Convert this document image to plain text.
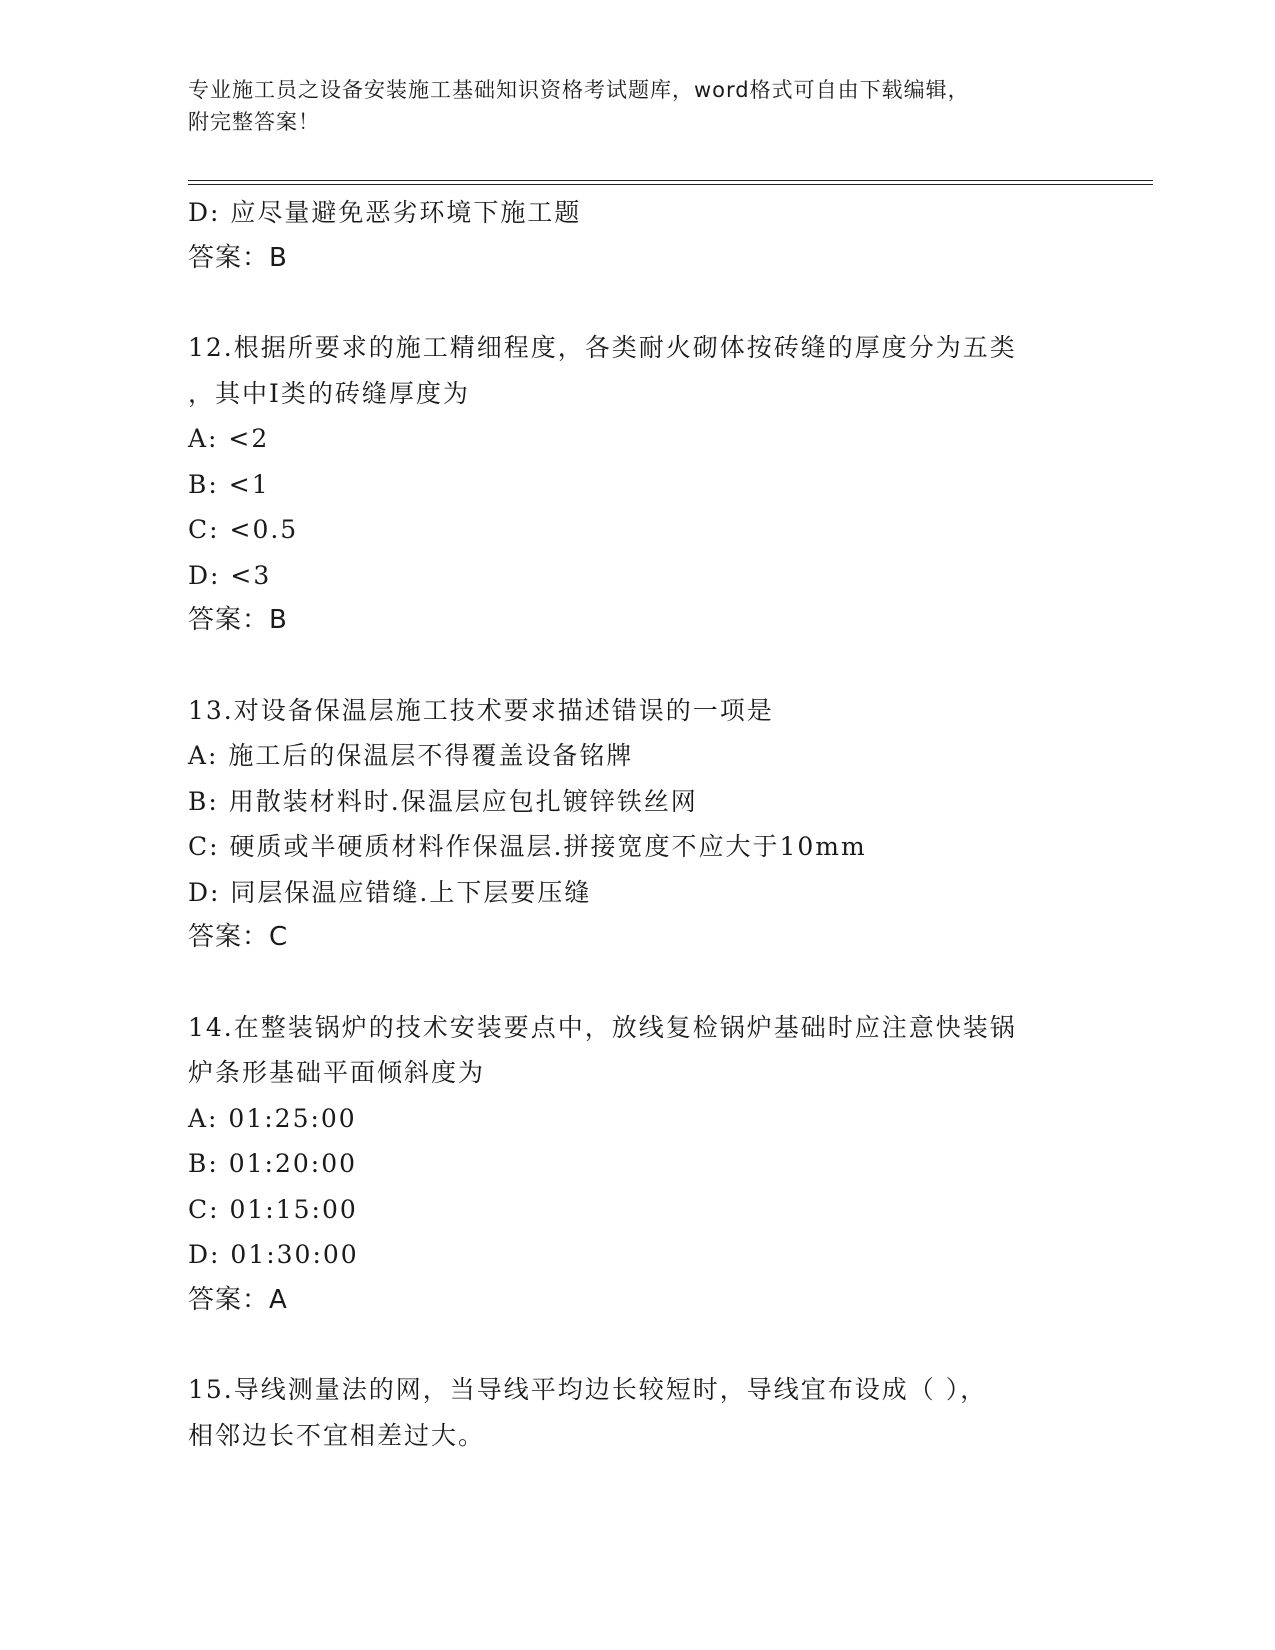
专业施工员之设备安装施工基础知识资格考试题库，word格式可自由下载编辑，
附完整答案！
D: 应尽量避免恶劣环境下施工题
答案：B
12.根据所要求的施工精细程度，各类耐火砌体按砖缝的厚度分为五类
，其中Ⅰ类的砖缝厚度为
A: <2
B: <1
C: <0.5
D: <3
答案：B
13.对设备保温层施工技术要求描述错误的一项是
A: 施工后的保温层不得覆盖设备铭牌
B: 用散装材料时.保温层应包扎镀锌铁丝网
C: 硬质或半硬质材料作保温层.拼接宽度不应大于10mm
D: 同层保温应错缝.上下层要压缝
答案：C
14.在整装锅炉的技术安装要点中，放线复检锅炉基础时应注意快装锅
炉条形基础平面倾斜度为
A: 01:25:00
B: 01:20:00
C: 01:15:00
D: 01:30:00
答案：A
15.导线测量法的网，当导线平均边长较短时，导线宜布设成（ ），
相邻边长不宜相差过大。
